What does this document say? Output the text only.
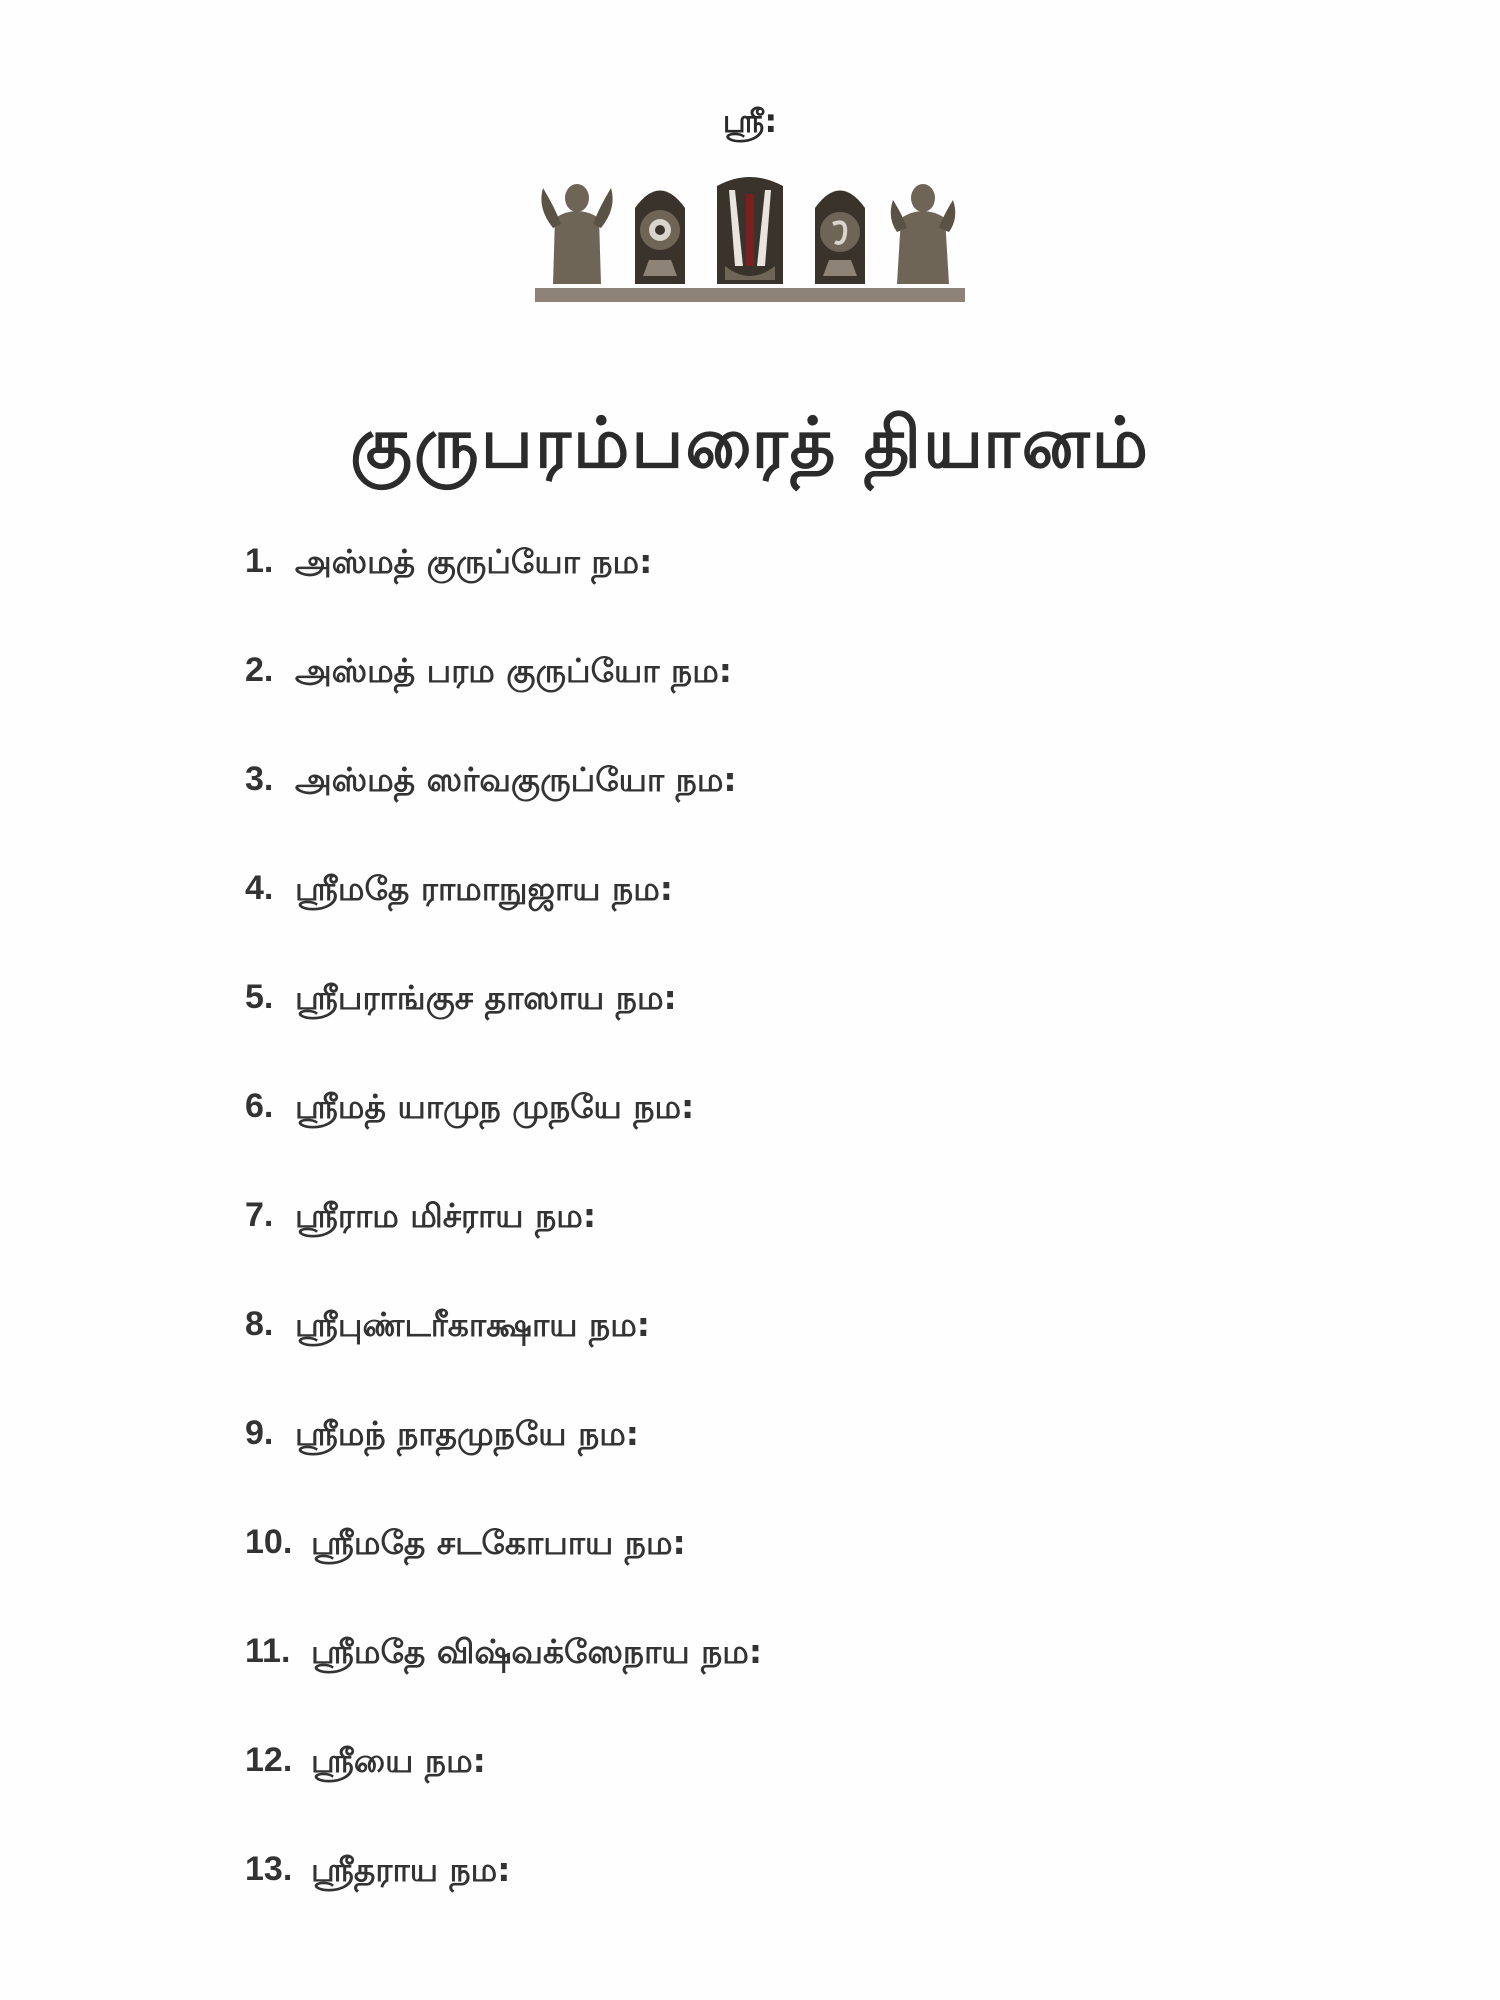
ஸ்ரீ:
குருபரம்பரைத் தியானம்
1. அஸ்மத் குருப்யோ நம:
2. அஸ்மத் பரம குருப்யோ நம:
3. அஸ்மத் ஸர்வகுருப்யோ நம:
4. ஸ்ரீமதே ராமாநுஜாய நம:
5. ஸ்ரீபராங்குச தாஸாய நம:
6. ஸ்ரீமத் யாமுந முநயே நம:
7. ஸ்ரீராம மிச்ராய நம:
8. ஸ்ரீபுண்டரீகாக்ஷாய நம:
9. ஸ்ரீமந் நாதமுநயே நம:
10. ஸ்ரீமதே சடகோபாய நம:
11. ஸ்ரீமதே விஷ்வக்ஸேநாய நம:
12. ஸ்ரீயை நம:
13. ஸ்ரீதராய நம:
